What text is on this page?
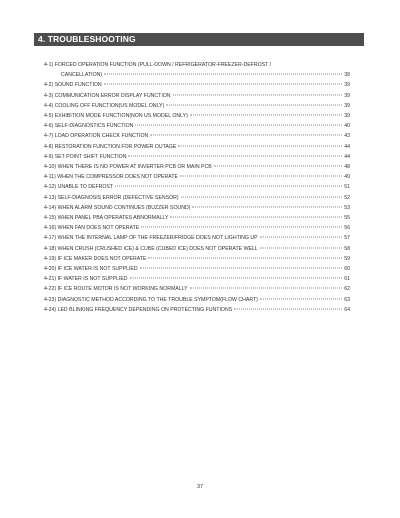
4. TROUBLESHOOTING
4-1) FORCED OPERATION FUNCTION (PULL-DOWN / REFRIGERATOR-FREEZER-DEFROST /
CANCELLATION)	38
4-2) SOUND FUNCTION	39
4-3) COMMUNICATION ERROR DISPLAY FUNCTION	39
4-4) COOLING OFF FUNCTION(US MODEL ONLY)	39
4-5) EXHIBITION MODE FUNCTION(NON US MODEL ONLY)	39
4-6) SELF-DIAGNOSTICS FUNCTION	40
4-7) LOAD OPERATION CHECK FUNCTION	43
4-8) RESTORATION FUNCTION FOR POWER OUTAGE	44
4-9) SET POINT SHIFT FUNCTION	44
4-10) WHEN THERE IS NO POWER AT INVERTER PCB OR MAIN PCB	48
4-11) WHEN THE COMPRESSOR DOES NOT OPERATE	49
4-12) UNABLE TO DEFROST	51
4-13) SELF-DIAGNOSIS ERROR (DEFECTIVE SENSOR)	52
4-14) WHEN ALARM SOUND CONTINUES (BUZZER SOUND)	53
4-15) WHEN PANEL PBA OPERATES ABNORMALLY	55
4-16) WHEN FAN DOES NOT OPERATE	56
4-17) WHEN THE INTERNAL LAMP OF THE FREEZER/FRIDGE DOES NOT LIGHTING UP	57
4-18) WHEN CRUSH (CRUSHED ICE) & CUBE (CUBED ICE) DOES NOT OPERATE WELL	58
4-19) IF ICE MAKER DOES NOT OPERATE	59
4-20) IF ICE WATER IS NOT SUPPLIED	60
4-21) IF WATER IS NOT SUPPLIED	61
4-22) IF ICE ROUTE MOTOR IS NOT WORKING NORMALLY	62
4-23) DIAGNOSTIC METHOD ACCORDING TO THE TROUBLE SYMPTOM(FLOW CHART)	63
4-24) LED BLINKING FREQUENCY DEPENDING ON PROTECTING FUNTIONS	64
37
